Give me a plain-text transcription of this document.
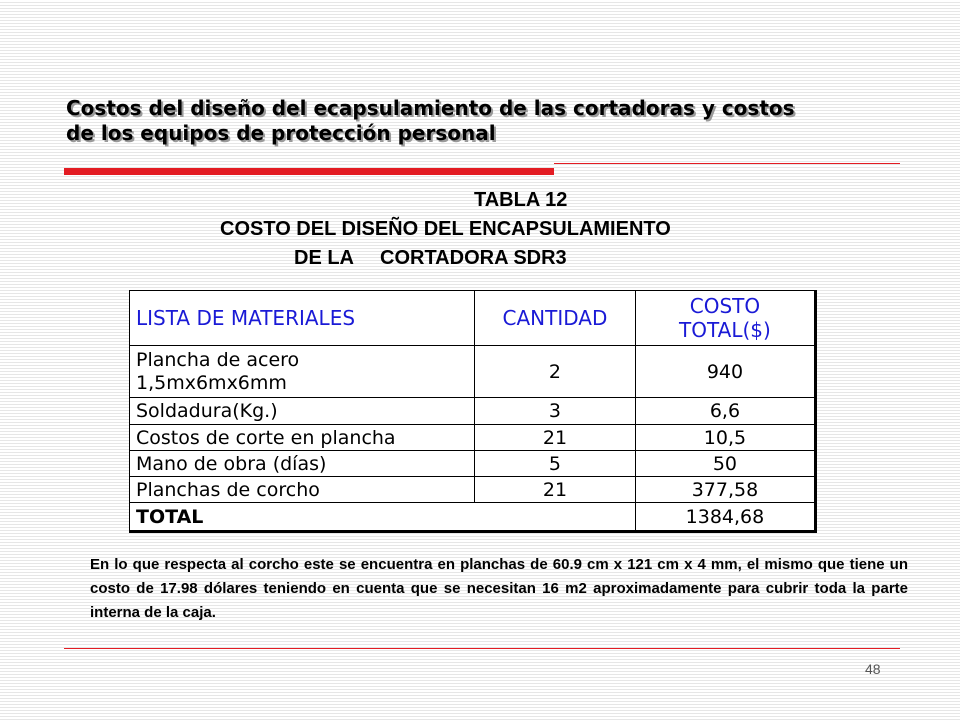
Costos del diseño del ecapsulamiento de las cortadoras y costos
de los equipos de protección personal
TABLA 12
COSTO DEL DISEÑO DEL ENCAPSULAMIENTO
DE LA CORTADORA SDR3
LISTA DE MATERIALES	CANTIDAD	COSTO
TOTAL($)

Plancha de acero
1,5mx6mx6mm	2	940
Soldadura(Kg.)	3	6,6
Costos de corte en plancha	21	10,5
Mano de obra (días)	5	50
Planchas de corcho	21	377,58
TOTAL		1384,68
En lo que respecta al corcho este se encuentra en planchas de 60.9 cm x 121 cm x 4 mm, el mismo que tiene un costo de 17.98 dólares teniendo en cuenta que se necesitan 16 m2 aproximadamente para cubrir toda la parte interna de la caja.
48
